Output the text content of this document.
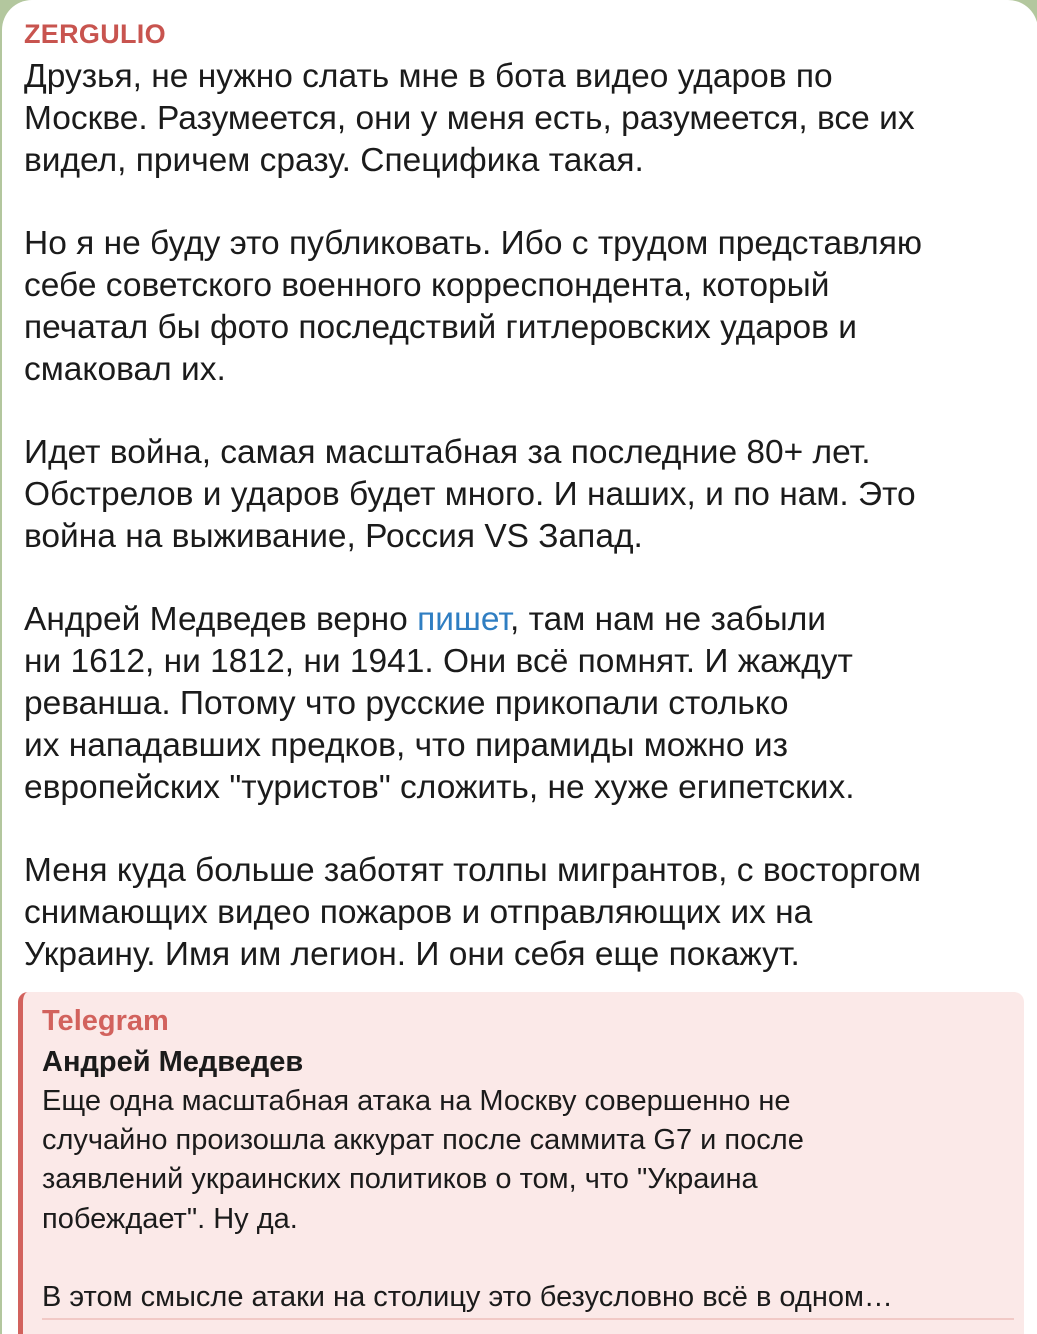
ZERGULIO

Друзья, не нужно слать мне в бота видео ударов по
Москве. Разумеется, они у меня есть, разумеется, все их
видел, причем сразу. Специфика такая.

Но я не буду это публиковать. Ибо с трудом представляю
себе советского военного корреспондента, который
печатал бы фото последствий гитлеровских ударов и
смаковал их.

Идет война, самая масштабная за последние 80+ лет.
Обстрелов и ударов будет много. И наших, и по нам. Это
война на выживание, Россия VS Запад.

Андрей Медведев верно пишет, там нам не забыли
ни 1612, ни 1812, ни 1941. Они всё помнят. И жаждут
реванша. Потому что русские прикопали столько
их нападавших предков, что пирамиды можно из
европейских "туристов" сложить, не хуже египетских.

Меня куда больше заботят толпы мигрантов, с восторгом
снимающих видео пожаров и отправляющих их на
Украину. Имя им легион. И они себя еще покажут.

Telegram
Андрей Медведев
Еще одна масштабная атака на Москву совершенно не
случайно произошла аккурат после саммита G7 и после
заявлений украинских политиков о том, что "Украина
побеждает". Ну да.
В этом смысле атаки на столицу это безусловно всё в одном…
